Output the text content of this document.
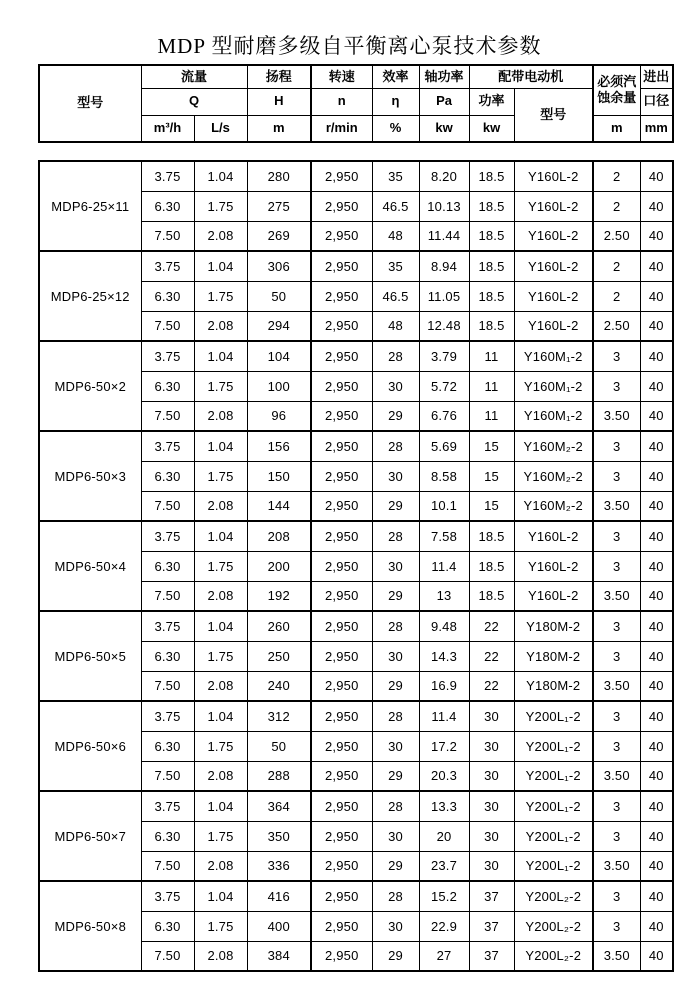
MDP 型耐磨多级自平衡离心泵技术参数
型号	流量		扬程	转速	效率	轴功率	配带电动机		必须汽蚀余量	进出
	Q		H	n	η	Pa	功率	型号		口径
	m³/h	L/s	m	r/min	%	kw	kw		m	mm
MDP6-25×11	3.75	1.04	280	2,950	35	8.20	18.5	Y160L-2	2	40
	6.30	1.75	275	2,950	46.5	10.13	18.5	Y160L-2	2	40
	7.50	2.08	269	2,950	48	11.44	18.5	Y160L-2	2.50	40
MDP6-25×12	3.75	1.04	306	2,950	35	8.94	18.5	Y160L-2	2	40
	6.30	1.75	50	2,950	46.5	11.05	18.5	Y160L-2	2	40
	7.50	2.08	294	2,950	48	12.48	18.5	Y160L-2	2.50	40
MDP6-50×2	3.75	1.04	104	2,950	28	3.79	11	Y160M₁-2	3	40
	6.30	1.75	100	2,950	30	5.72	11	Y160M₁-2	3	40
	7.50	2.08	96	2,950	29	6.76	11	Y160M₁-2	3.50	40
MDP6-50×3	3.75	1.04	156	2,950	28	5.69	15	Y160M₂-2	3	40
	6.30	1.75	150	2,950	30	8.58	15	Y160M₂-2	3	40
	7.50	2.08	144	2,950	29	10.1	15	Y160M₂-2	3.50	40
MDP6-50×4	3.75	1.04	208	2,950	28	7.58	18.5	Y160L-2	3	40
	6.30	1.75	200	2,950	30	11.4	18.5	Y160L-2	3	40
	7.50	2.08	192	2,950	29	13	18.5	Y160L-2	3.50	40
MDP6-50×5	3.75	1.04	260	2,950	28	9.48	22	Y180M-2	3	40
	6.30	1.75	250	2,950	30	14.3	22	Y180M-2	3	40
	7.50	2.08	240	2,950	29	16.9	22	Y180M-2	3.50	40
MDP6-50×6	3.75	1.04	312	2,950	28	11.4	30	Y200L₁-2	3	40
	6.30	1.75	50	2,950	30	17.2	30	Y200L₁-2	3	40
	7.50	2.08	288	2,950	29	20.3	30	Y200L₁-2	3.50	40
MDP6-50×7	3.75	1.04	364	2,950	28	13.3	30	Y200L₁-2	3	40
	6.30	1.75	350	2,950	30	20	30	Y200L₁-2	3	40
	7.50	2.08	336	2,950	29	23.7	30	Y200L₁-2	3.50	40
MDP6-50×8	3.75	1.04	416	2,950	28	15.2	37	Y200L₂-2	3	40
	6.30	1.75	400	2,950	30	22.9	37	Y200L₂-2	3	40
	7.50	2.08	384	2,950	29	27	37	Y200L₂-2	3.50	40
